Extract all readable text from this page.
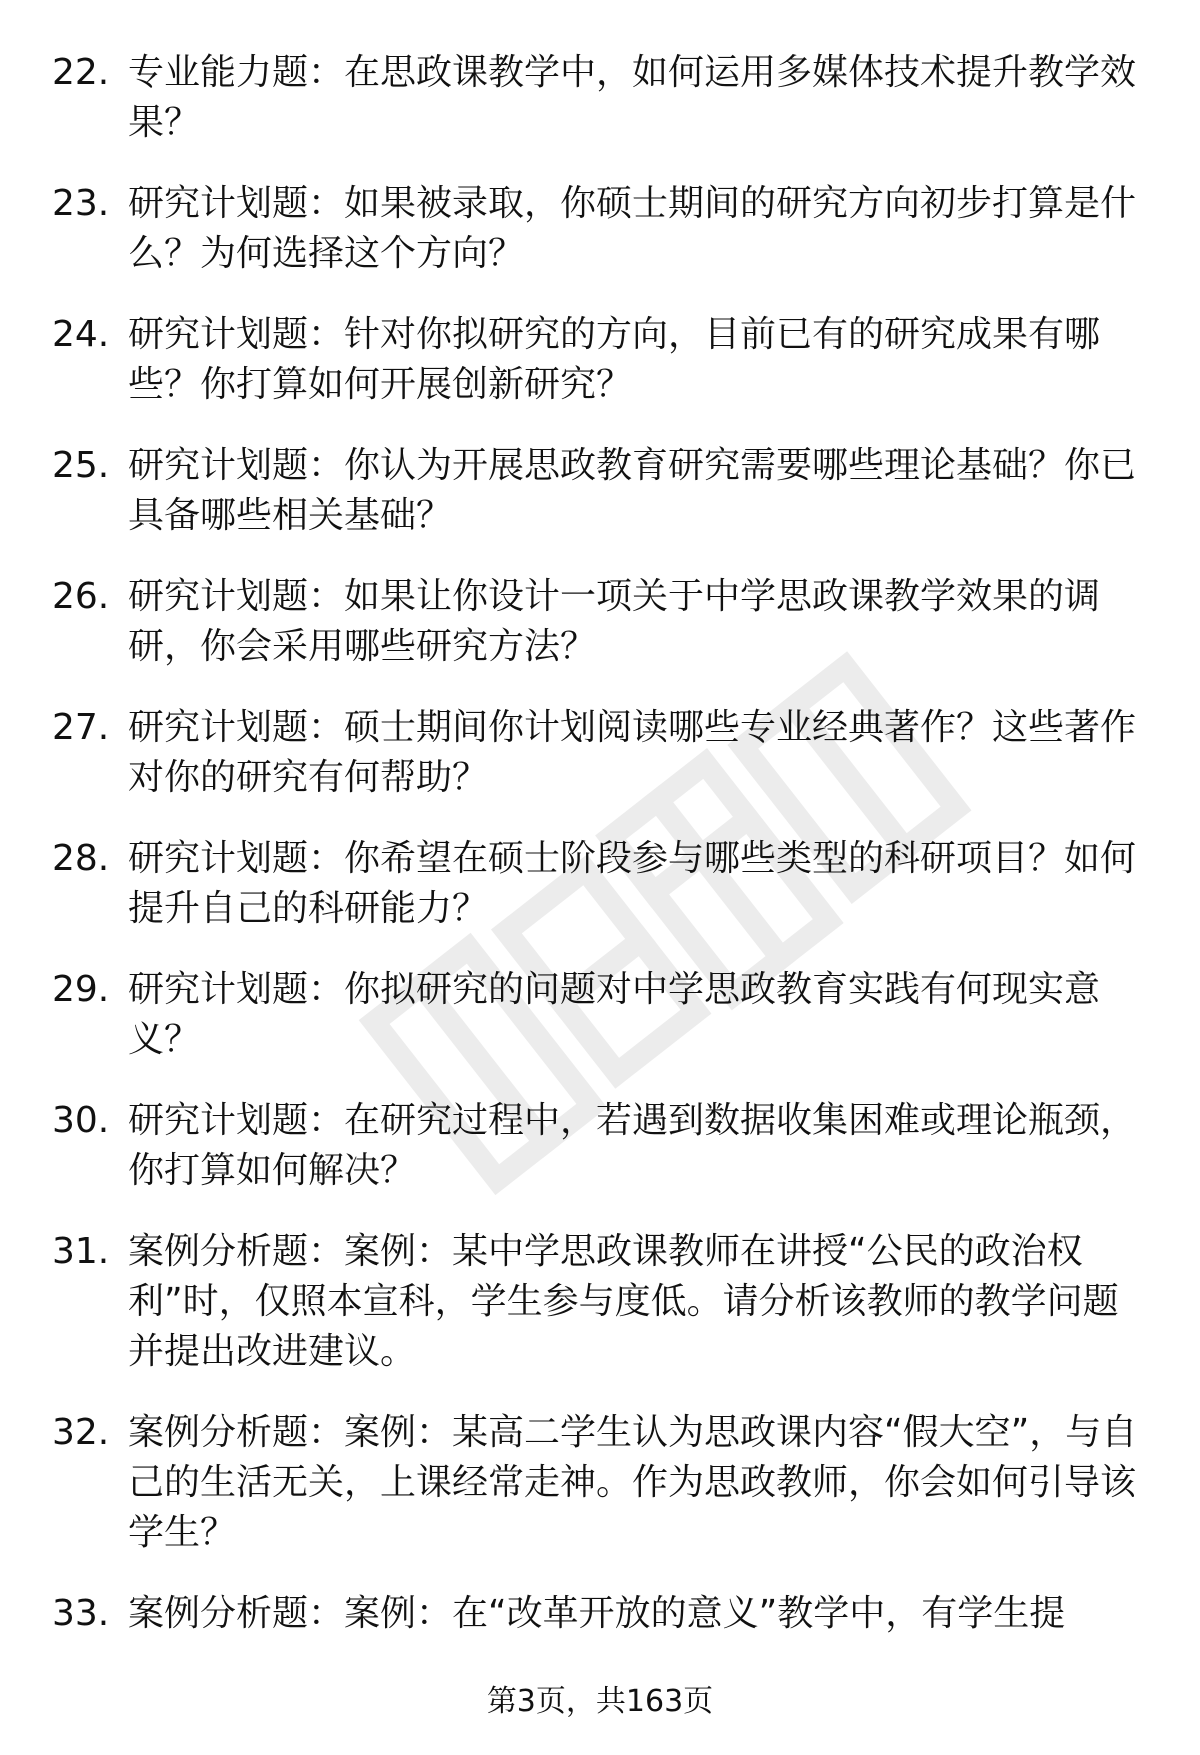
22. 专业能力题：在思政课教学中，如何运用多媒体技术提升教学效果？

23. 研究计划题：如果被录取，你硕士期间的研究方向初步打算是什么？为何选择这个方向？

24. 研究计划题：针对你拟研究的方向，目前已有的研究成果有哪些？你打算如何开展创新研究？

25. 研究计划题：你认为开展思政教育研究需要哪些理论基础？你已具备哪些相关基础？

26. 研究计划题：如果让你设计一项关于中学思政课教学效果的调研，你会采用哪些研究方法？

27. 研究计划题：硕士期间你计划阅读哪些专业经典著作？这些著作对你的研究有何帮助？

28. 研究计划题：你希望在硕士阶段参与哪些类型的科研项目？如何提升自己的科研能力？

29. 研究计划题：你拟研究的问题对中学思政教育实践有何现实意义？

30. 研究计划题：在研究过程中，若遇到数据收集困难或理论瓶颈，你打算如何解决？

31. 案例分析题：案例：某中学思政课教师在讲授“公民的政治权利”时，仅照本宣科，学生参与度低。请分析该教师的教学问题并提出改进建议。

32. 案例分析题：案例：某高二学生认为思政课内容“假大空”，与自己的生活无关，上课经常走神。作为思政教师，你会如何引导该学生？

33. 案例分析题：案例：在“改革开放的意义”教学中，有学生提

第3页，共163页
